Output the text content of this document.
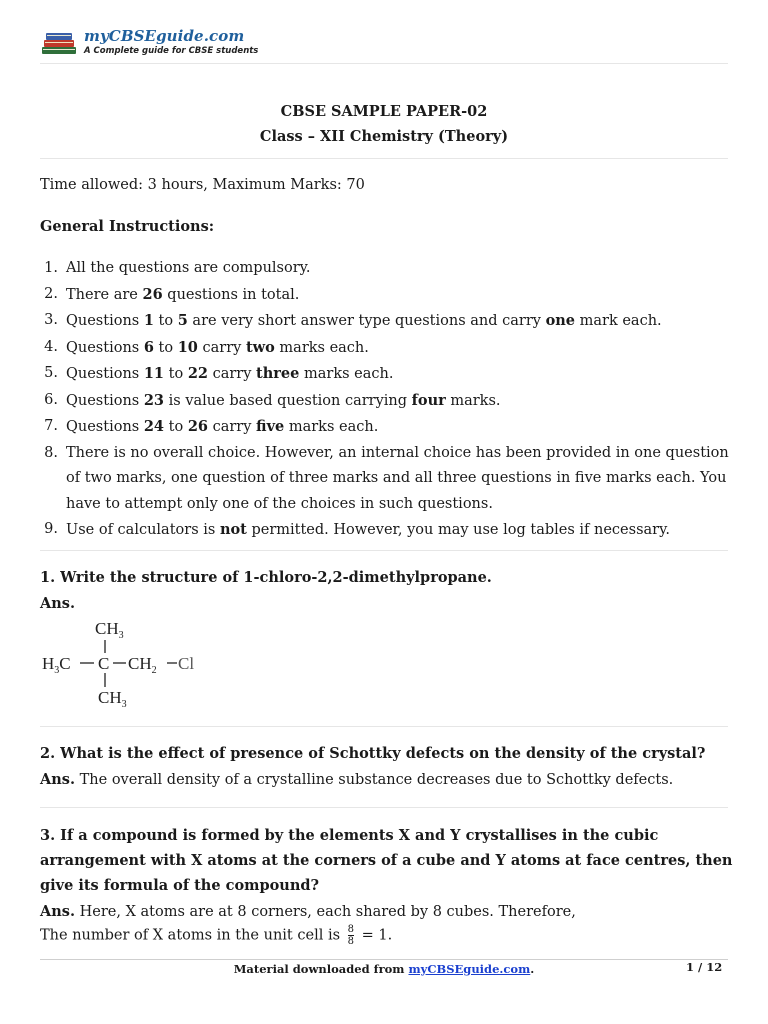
myCBSEguide.com
A Complete guide for CBSE students
CBSE SAMPLE PAPER-02
Class – XII Chemistry (Theory)
Time allowed: 3 hours, Maximum Marks: 70
General Instructions:
1. All the questions are compulsory.
2. There are 26 questions in total.
3. Questions 1 to 5 are very short answer type questions and carry one mark each.
4. Questions 6 to 10 carry two marks each.
5. Questions 11 to 22 carry three marks each.
6. Questions 23 is value based question carrying four marks.
7. Questions 24 to 26 carry five marks each.
8. There is no overall choice. However, an internal choice has been provided in one question of two marks, one question of three marks and all three questions in five marks each. You have to attempt only one of the choices in such questions.
9. Use of calculators is not permitted. However, you may use log tables if necessary.
1. Write the structure of 1-chloro-2,2-dimethylpropane.
Ans.
$CH_3$
$H_3C$ C $CH_2$ Cl
$CH_3$
2. What is the effect of presence of Schottky defects on the density of the crystal?
Ans. The overall density of a crystalline substance decreases due to Schottky defects.
3. If a compound is formed by the elements X and Y crystallises in the cubic
arrangement with X atoms at the corners of a cube and Y atoms at face centres, then
give its formula of the compound?
Ans. Here, X atoms are at 8 corners, each shared by 8 cubes. Therefore,
The number of X atoms in the unit cell is $\frac{8}{8} = 1$.
Material downloaded from myCBSEguide.com.	1 / 12
